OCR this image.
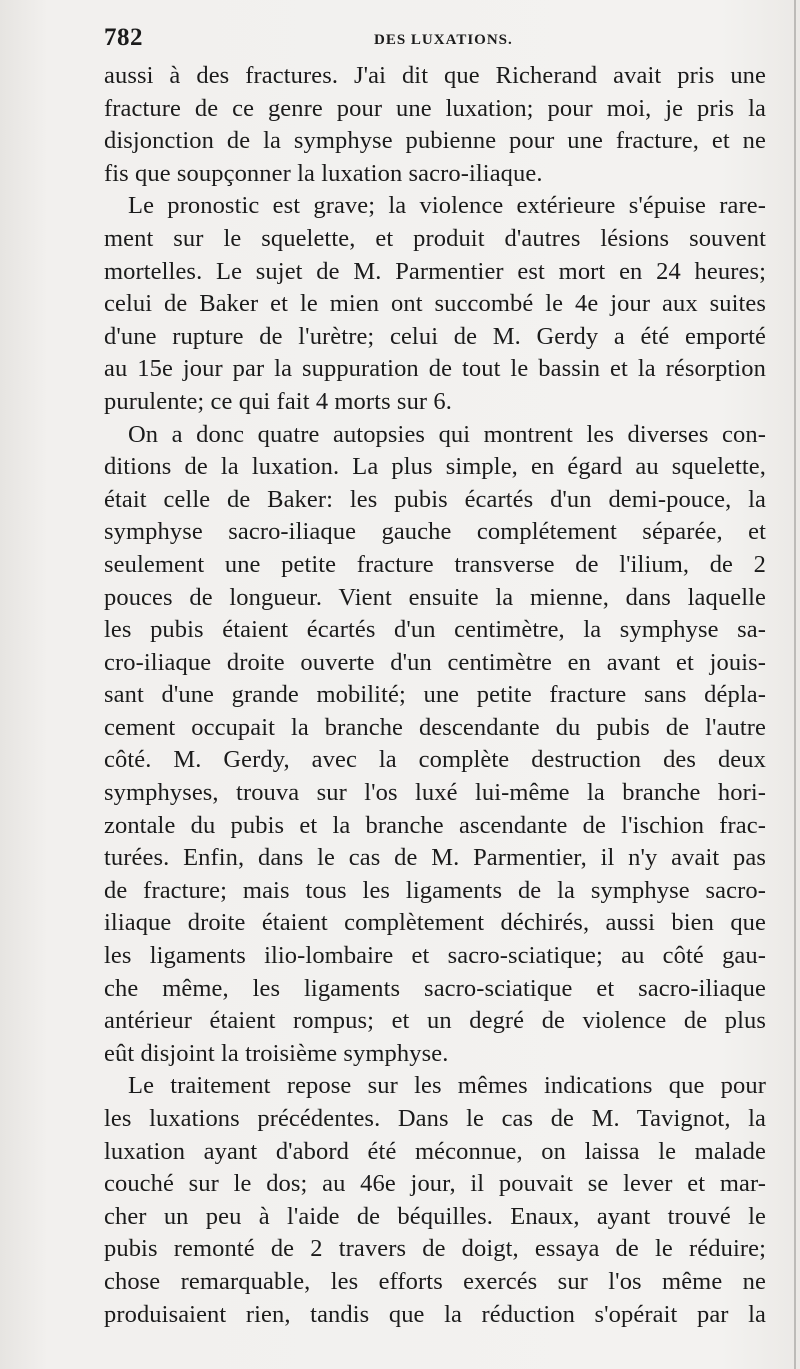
782	DES LUXATIONS.
aussi à des fractures. J'ai dit que Richerand avait pris une
fracture de ce genre pour une luxation; pour moi, je pris la
disjonction de la symphyse pubienne pour une fracture, et ne
fis que soupçonner la luxation sacro-iliaque.
Le pronostic est grave; la violence extérieure s'épuise rare-
ment sur le squelette, et produit d'autres lésions souvent
mortelles. Le sujet de M. Parmentier est mort en 24 heures;
celui de Baker et le mien ont succombé le 4e jour aux suites
d'une rupture de l'urètre; celui de M. Gerdy a été emporté
au 15e jour par la suppuration de tout le bassin et la résorption
purulente; ce qui fait 4 morts sur 6.
On a donc quatre autopsies qui montrent les diverses con-
ditions de la luxation. La plus simple, en égard au squelette,
était celle de Baker: les pubis écartés d'un demi-pouce, la
symphyse sacro-iliaque gauche complétement séparée, et
seulement une petite fracture transverse de l'ilium, de 2
pouces de longueur. Vient ensuite la mienne, dans laquelle
les pubis étaient écartés d'un centimètre, la symphyse sa-
cro-iliaque droite ouverte d'un centimètre en avant et jouis-
sant d'une grande mobilité; une petite fracture sans dépla-
cement occupait la branche descendante du pubis de l'autre
côté. M. Gerdy, avec la complète destruction des deux
symphyses, trouva sur l'os luxé lui-même la branche hori-
zontale du pubis et la branche ascendante de l'ischion frac-
turées. Enfin, dans le cas de M. Parmentier, il n'y avait pas
de fracture; mais tous les ligaments de la symphyse sacro-
iliaque droite étaient complètement déchirés, aussi bien que
les ligaments ilio-lombaire et sacro-sciatique; au côté gau-
che même, les ligaments sacro-sciatique et sacro-iliaque
antérieur étaient rompus; et un degré de violence de plus
eût disjoint la troisième symphyse.
Le traitement repose sur les mêmes indications que pour
les luxations précédentes. Dans le cas de M. Tavignot, la
luxation ayant d'abord été méconnue, on laissa le malade
couché sur le dos; au 46e jour, il pouvait se lever et mar-
cher un peu à l'aide de béquilles. Enaux, ayant trouvé le
pubis remonté de 2 travers de doigt, essaya de le réduire;
chose remarquable, les efforts exercés sur l'os même ne
produisaient rien, tandis que la réduction s'opérait par la
